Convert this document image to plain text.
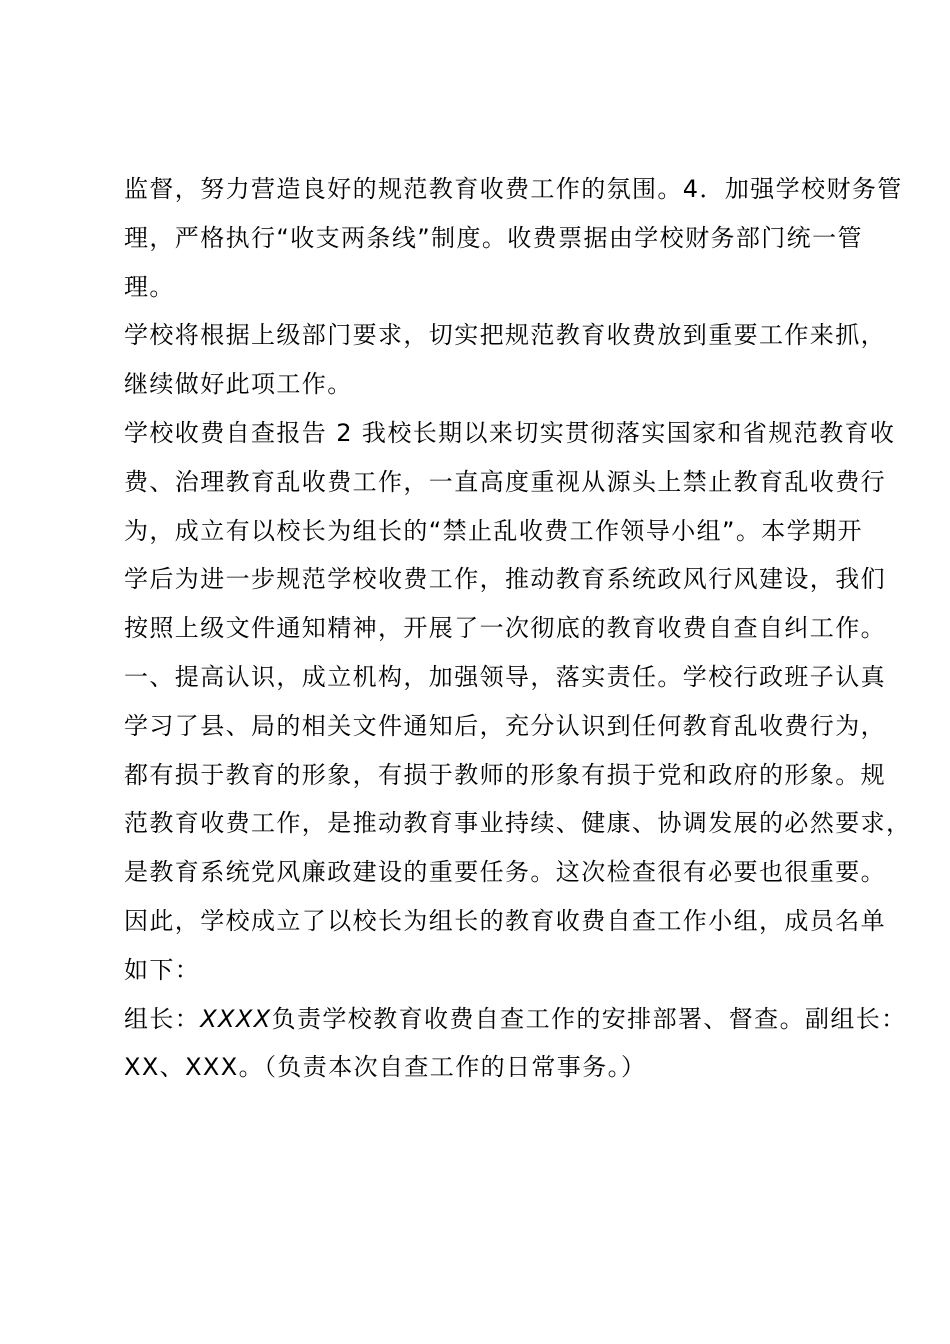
监督，努力营造良好的规范教育收费工作的氛围。4．加强学校财务管
理，严格执行“收支两条线”制度。收费票据由学校财务部门统一管
理。
学校将根据上级部门要求，切实把规范教育收费放到重要工作来抓，
继续做好此项工作。
学校收费自查报告 2 我校长期以来切实贯彻落实国家和省规范教育收
费、治理教育乱收费工作，一直高度重视从源头上禁止教育乱收费行
为，成立有以校长为组长的“禁止乱收费工作领导小组”。本学期开
学后为进一步规范学校收费工作，推动教育系统政风行风建设，我们
按照上级文件通知精神，开展了一次彻底的教育收费自查自纠工作。
一、提高认识，成立机构，加强领导，落实责任。学校行政班子认真
学习了县、局的相关文件通知后，充分认识到任何教育乱收费行为，
都有损于教育的形象，有损于教师的形象有损于党和政府的形象。规
范教育收费工作，是推动教育事业持续、健康、协调发展的必然要求，
是教育系统党风廉政建设的重要任务。这次检查很有必要也很重要。
因此，学校成立了以校长为组长的教育收费自查工作小组，成员名单
如下：
组长：XXXX负责学校教育收费自查工作的安排部署、督查。副组长：
XX、XXX。（负责本次自查工作的日常事务。）
